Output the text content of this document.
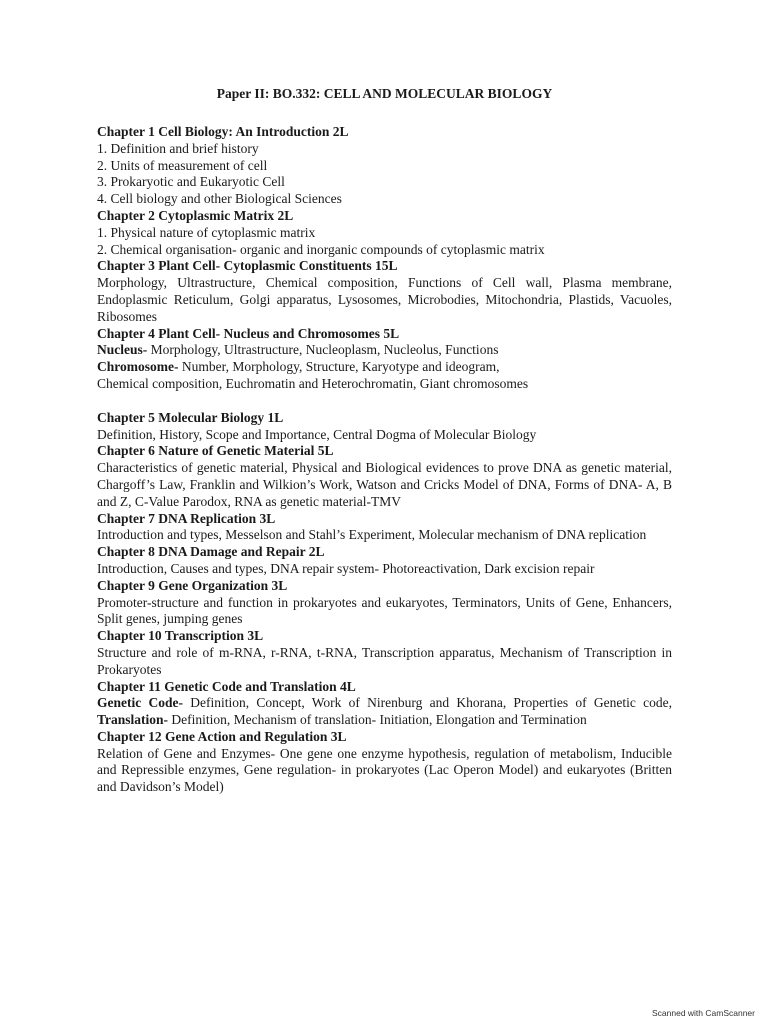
Paper II: BO.332: CELL AND MOLECULAR BIOLOGY
Chapter 1 Cell Biology: An Introduction 2L
1. Definition and brief history
2. Units of measurement of cell
3. Prokaryotic and Eukaryotic Cell
4. Cell biology and other Biological Sciences
Chapter 2 Cytoplasmic Matrix 2L
1. Physical nature of cytoplasmic matrix
2. Chemical organisation- organic and inorganic compounds of cytoplasmic matrix
Chapter 3 Plant Cell- Cytoplasmic Constituents 15L
Morphology, Ultrastructure, Chemical composition, Functions of Cell wall, Plasma membrane, Endoplasmic Reticulum, Golgi apparatus, Lysosomes, Microbodies, Mitochondria, Plastids, Vacuoles, Ribosomes
Chapter 4 Plant Cell- Nucleus and Chromosomes 5L
Nucleus- Morphology, Ultrastructure, Nucleoplasm, Nucleolus, Functions
Chromosome- Number, Morphology, Structure, Karyotype and ideogram,
Chemical composition, Euchromatin and Heterochromatin, Giant chromosomes
Chapter 5 Molecular Biology 1L
Definition, History, Scope and Importance, Central Dogma of Molecular Biology
Chapter 6 Nature of Genetic Material 5L
Characteristics of genetic material, Physical and Biological evidences to prove DNA as genetic material, Chargoff’s Law, Franklin and Wilkion’s Work, Watson and Cricks Model of DNA, Forms of DNA- A, B and Z, C-Value Parodox, RNA as genetic material-TMV
Chapter 7 DNA Replication 3L
Introduction and types, Messelson and Stahl’s Experiment, Molecular mechanism of DNA replication
Chapter 8 DNA Damage and Repair 2L
Introduction, Causes and types, DNA repair system- Photoreactivation, Dark excision repair
Chapter 9 Gene Organization 3L
Promoter-structure and function in prokaryotes and eukaryotes, Terminators, Units of Gene, Enhancers, Split genes, jumping genes
Chapter 10 Transcription 3L
Structure and role of m-RNA, r-RNA, t-RNA, Transcription apparatus, Mechanism of Transcription in Prokaryotes
Chapter 11 Genetic Code and Translation 4L
Genetic Code- Definition, Concept, Work of Nirenburg and Khorana, Properties of Genetic code, Translation- Definition, Mechanism of translation- Initiation, Elongation and Termination
Chapter 12 Gene Action and Regulation 3L
Relation of Gene and Enzymes- One gene one enzyme hypothesis, regulation of metabolism, Inducible and Repressible enzymes, Gene regulation- in prokaryotes (Lac Operon Model) and eukaryotes (Britten and Davidson’s Model)
Scanned with CamScanner
